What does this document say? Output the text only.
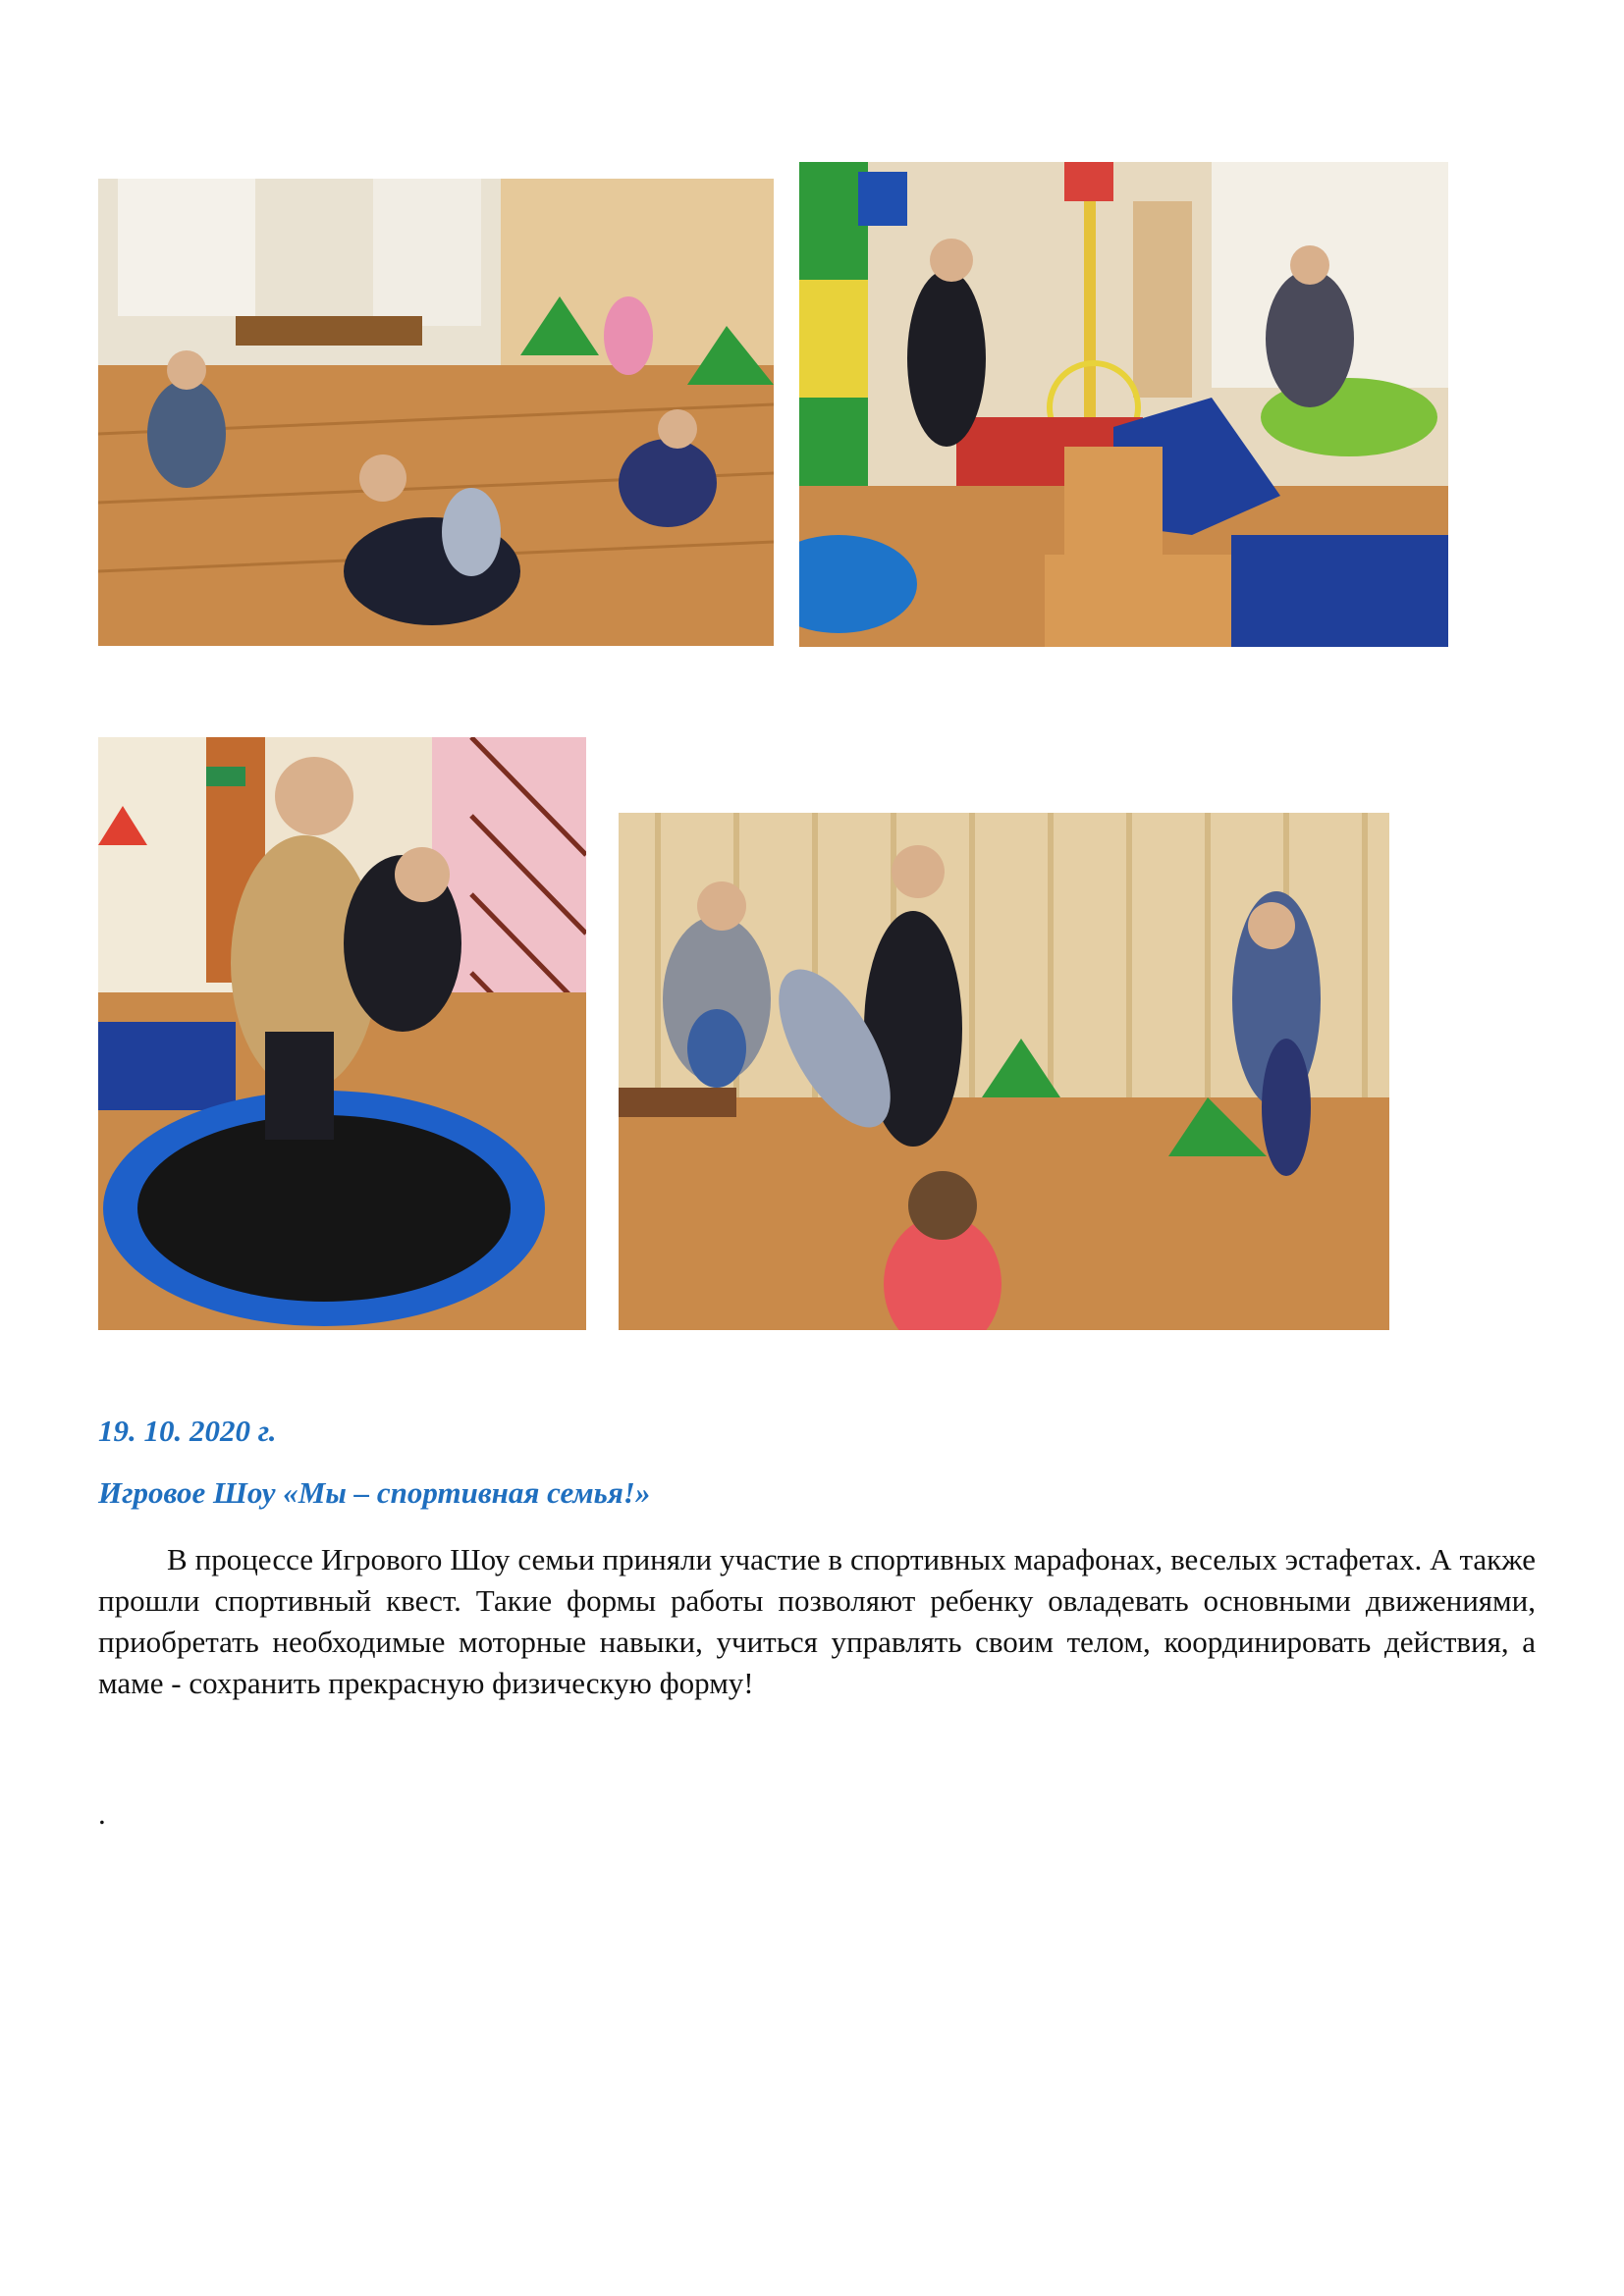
19. 10. 2020 г.
Игровое Шоу «Мы – спортивная семья!»

В процессе Игрового Шоу семьи приняли участие в спортивных марафонах, веселых эстафетах. А также прошли спортивный квест. Такие формы работы позволяют ребенку овладевать основными движениями, приобретать необходимые моторные навыки, учиться управлять своим телом, координировать действия, а маме - сохранить прекрасную физическую форму!

.
